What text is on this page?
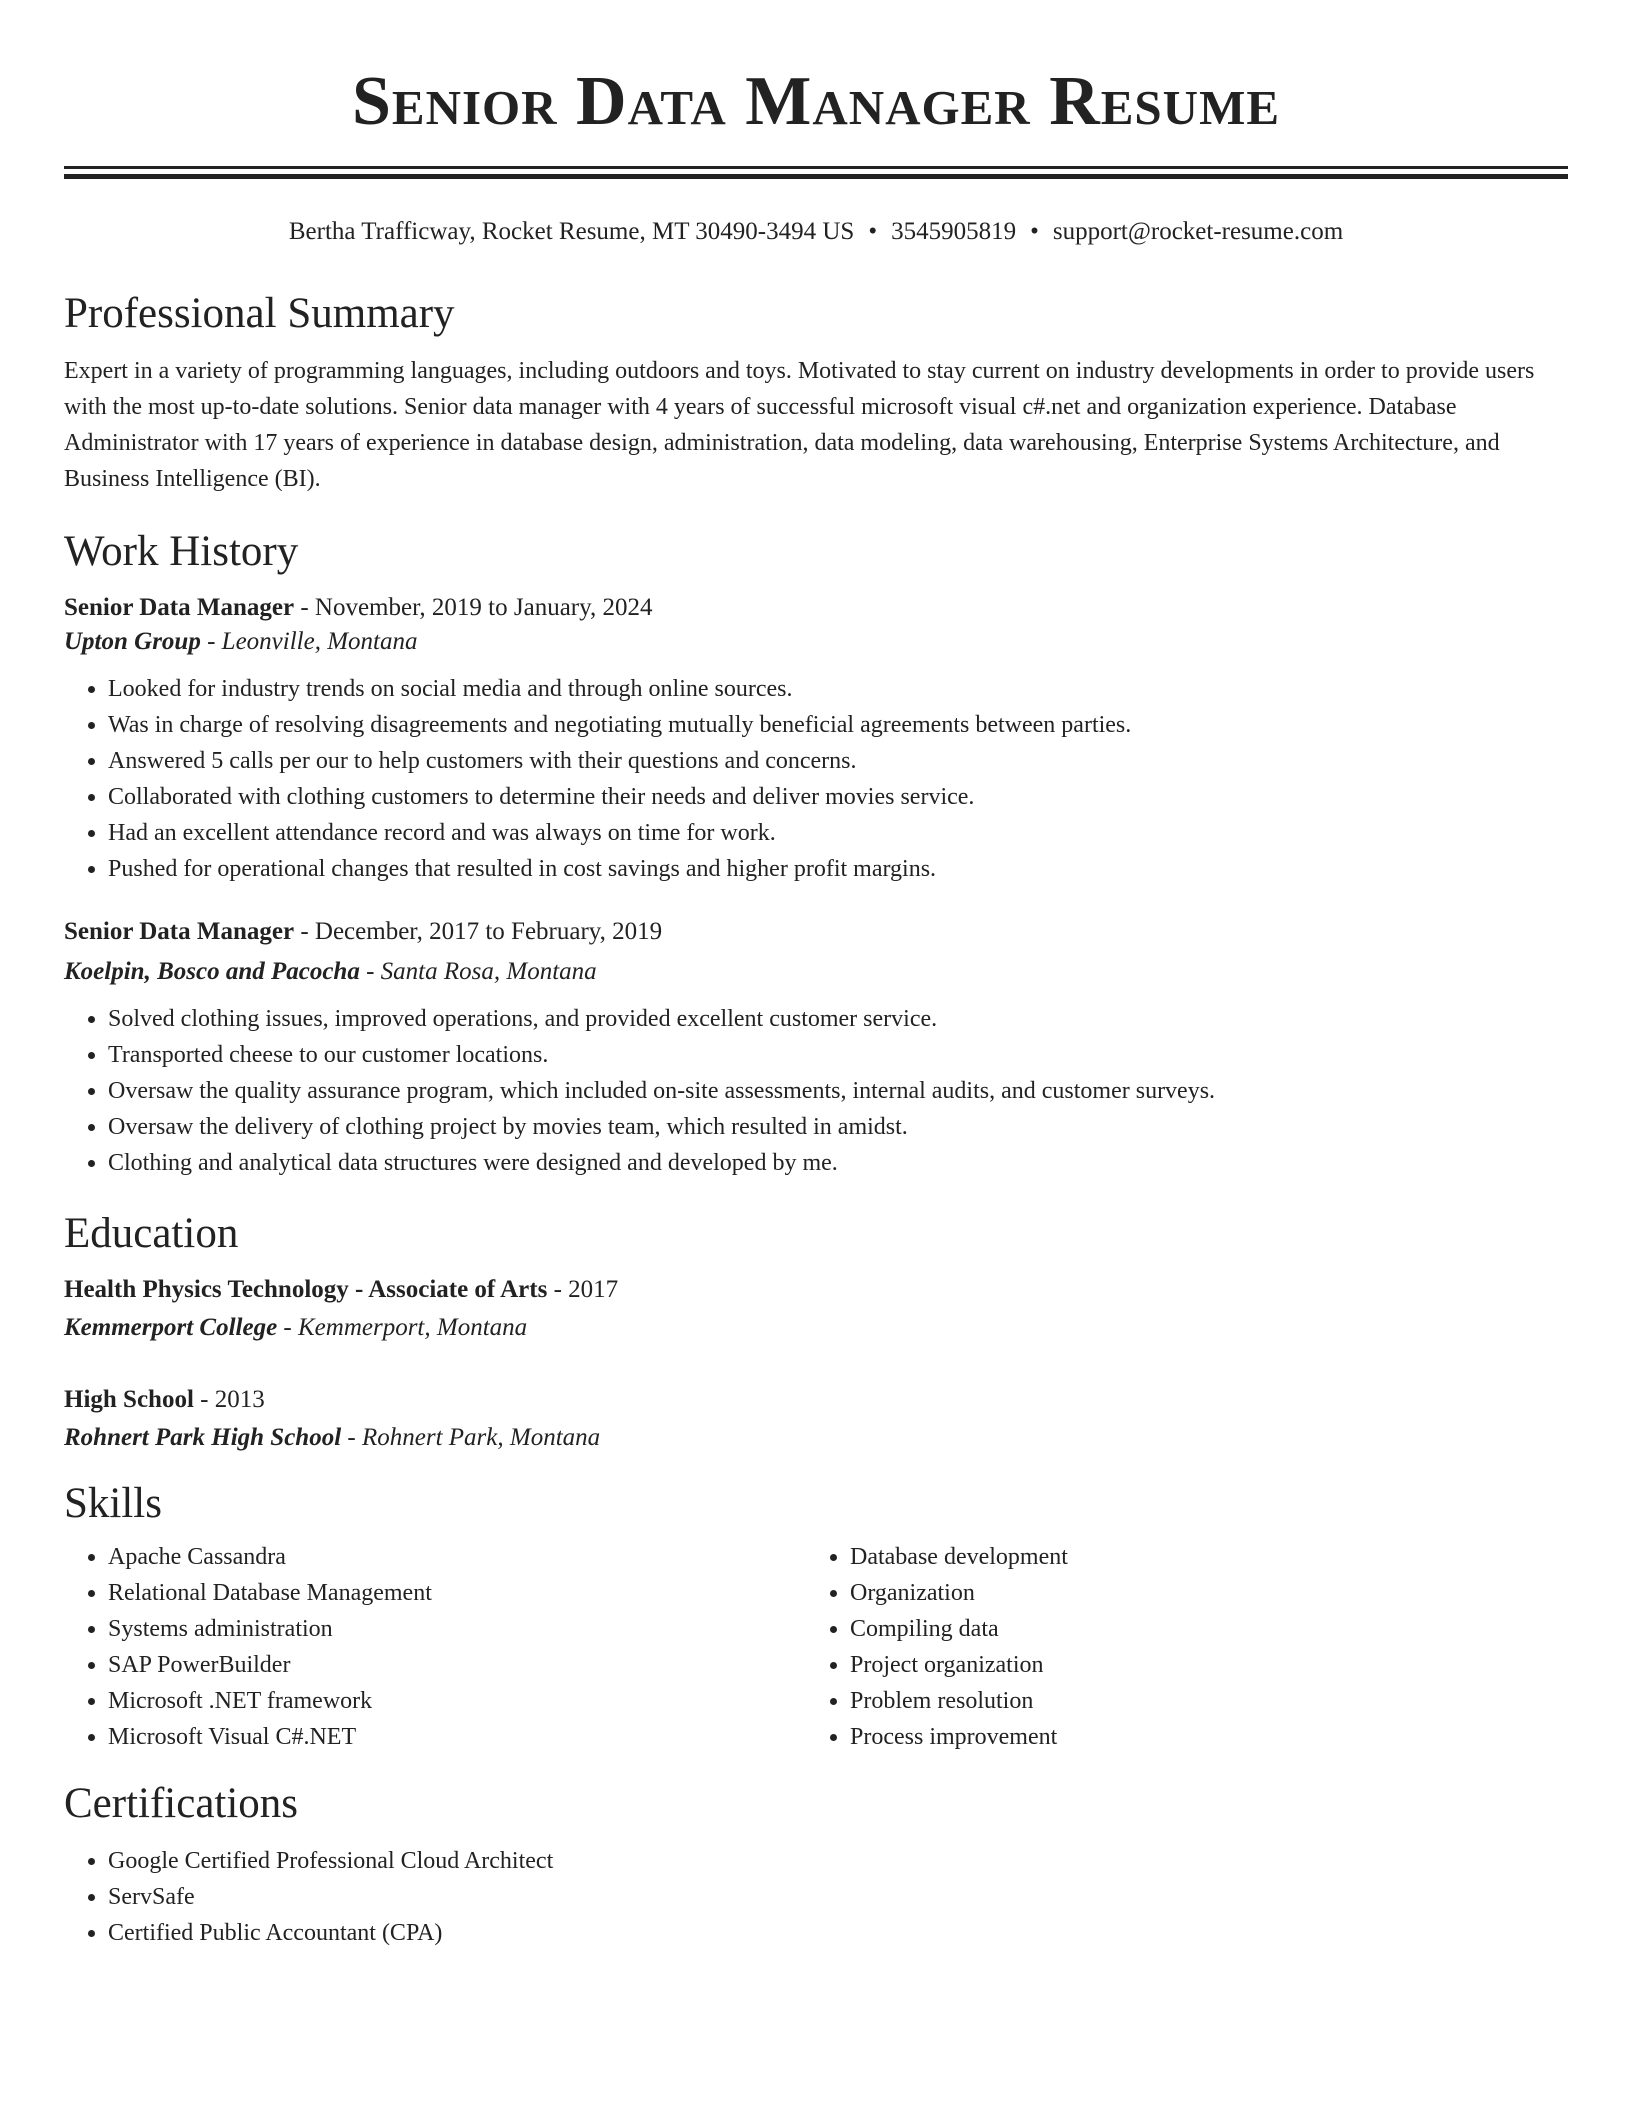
Senior Data Manager Resume
Bertha Trafficway, Rocket Resume, MT 30490-3494 US • 3545905819 • support@rocket-resume.com
Professional Summary

Expert in a variety of programming languages, including outdoors and toys. Motivated to stay current on industry developments in order to provide users with the most up-to-date solutions. Senior data manager with 4 years of successful microsoft visual c#.net and organization experience. Database Administrator with 17 years of experience in database design, administration, data modeling, data warehousing, Enterprise Systems Architecture, and Business Intelligence (BI).

Work History
Senior Data Manager - November, 2019 to January, 2024
Upton Group - Leonville, Montana
• Looked for industry trends on social media and through online sources.
• Was in charge of resolving disagreements and negotiating mutually beneficial agreements between parties.
• Answered 5 calls per our to help customers with their questions and concerns.
• Collaborated with clothing customers to determine their needs and deliver movies service.
• Had an excellent attendance record and was always on time for work.
• Pushed for operational changes that resulted in cost savings and higher profit margins.
Senior Data Manager - December, 2017 to February, 2019
Koelpin, Bosco and Pacocha - Santa Rosa, Montana
• Solved clothing issues, improved operations, and provided excellent customer service.
• Transported cheese to our customer locations.
• Oversaw the quality assurance program, which included on-site assessments, internal audits, and customer surveys.
• Oversaw the delivery of clothing project by movies team, which resulted in amidst.
• Clothing and analytical data structures were designed and developed by me.
Education
Health Physics Technology - Associate of Arts - 2017
Kemmerport College - Kemmerport, Montana
High School - 2013
Rohnert Park High School - Rohnert Park, Montana
Skills
• Apache Cassandra
• Relational Database Management
• Systems administration
• SAP PowerBuilder
• Microsoft .NET framework
• Microsoft Visual C#.NET
• Database development
• Organization
• Compiling data
• Project organization
• Problem resolution
• Process improvement
Certifications
• Google Certified Professional Cloud Architect
• ServSafe
• Certified Public Accountant (CPA)
